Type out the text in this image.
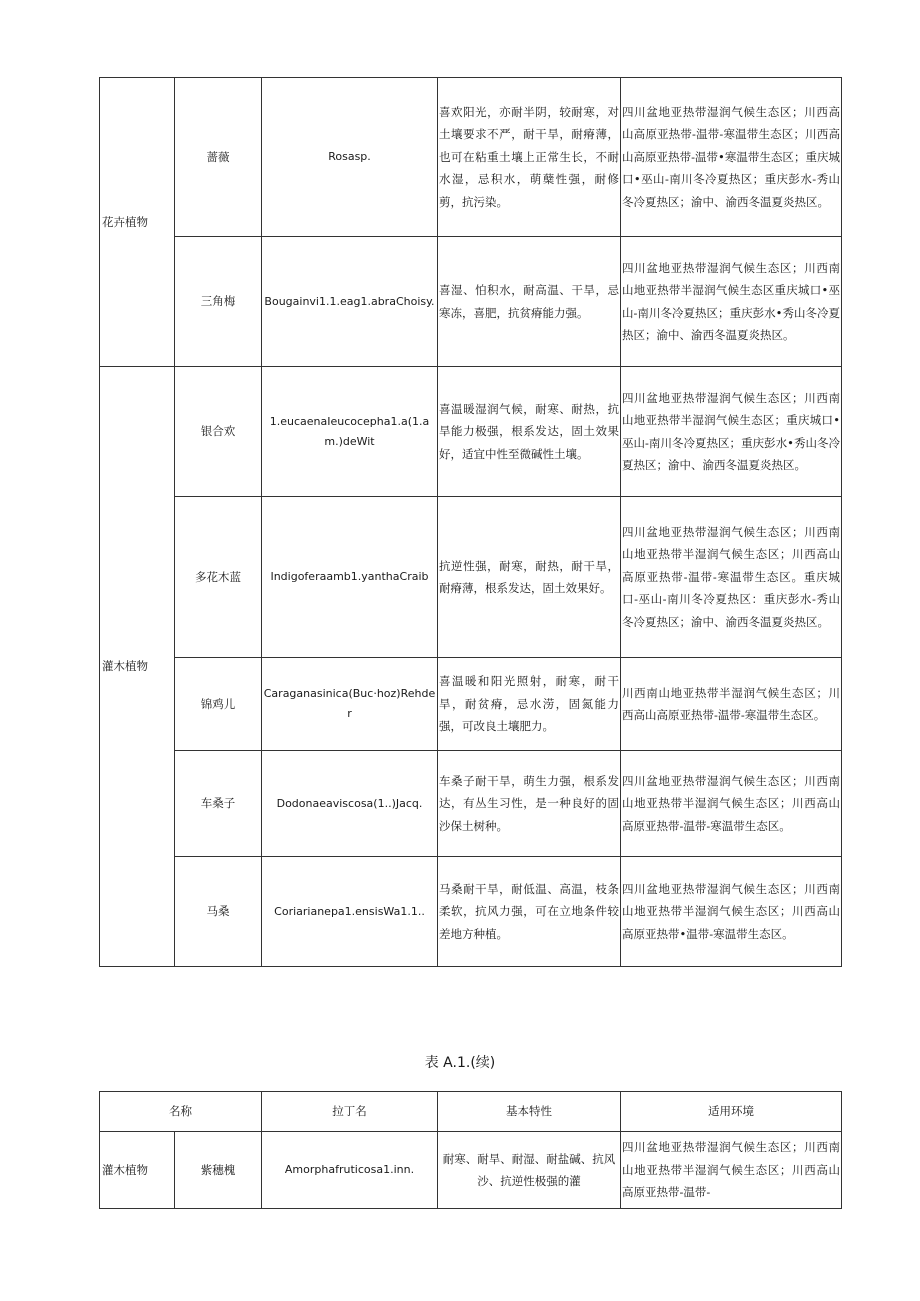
花卉植物	蔷薇	Rosasp.	喜欢阳光，亦耐半阴，较耐寒，对土壤要求不严，耐干旱，耐瘠薄，也可在粘重土壤上正常生长，不耐水湿，忌积水，萌蘖性强，耐修剪，抗污染。	四川盆地亚热带湿润气候生态区；川西高山高原亚热带-温带-寒温带生态区；川西高山高原亚热带-温带•寒温带生态区；重庆城口•巫山-南川冬冷夏热区；重庆彭水-秀山冬冷夏热区；渝中、渝西冬温夏炎热区。
	三角梅	Bougainvi1.1.eag1.abraChoisy.	喜湿、怕积水，耐高温、干旱，忌寒冻，喜肥，抗贫瘠能力强。	四川盆地亚热带湿润气候生态区；川西南山地亚热带半湿润气候生态区重庆城口•巫山-南川冬冷夏热区；重庆彭水•秀山冬冷夏热区；渝中、渝西冬温夏炎热区。
灌木植物	银合欢	1.eucaenaIeucocepha1.a(1.am.)deWit	喜温暖湿润气候，耐寒、耐热，抗旱能力极强，根系发达，固土效果好，适宜中性至微碱性土壤。	四川盆地亚热带湿润气候生态区；川西南山地亚热带半湿润气候生态区；重庆城口•巫山-南川冬冷夏热区；重庆彭水•秀山冬冷夏热区；渝中、渝西冬温夏炎热区。
	多花木蓝	Indigoferaamb1.yanthaCraib	抗逆性强，耐寒，耐热，耐干旱，耐瘠薄，根系发达，固土效果好。	四川盆地亚热带湿润气候生态区；川西南山地亚热带半湿润气候生态区；川西高山高原亚热带-温带-寒温带生态区。重庆城口-巫山-南川冬冷夏热区：重庆彭水-秀山冬冷夏热区；渝中、渝西冬温夏炎热区。
	锦鸡儿	Caraganasinica(Buc·hoz)Rehder	喜温暖和阳光照射，耐寒，耐干旱，耐贫瘠，忌水涝，固氮能力强，可改良土壤肥力。	川西南山地亚热带半湿润气候生态区；川西高山高原亚热带-温带-寒温带生态区。
	车桑子	Dodonaeaviscosa(1..)Jacq.	车桑子耐干旱，萌生力强，根系发达，有丛生习性，是一种良好的固沙保土树种。	四川盆地亚热带湿润气候生态区；川西南山地亚热带半湿润气候生态区；川西高山高原亚热带-温带-寒温带生态区。
	马桑	Coriarianepa1.ensisWa1.1..	马桑耐干旱，耐低温、高温，枝条柔软，抗风力强，可在立地条件较差地方种植。	四川盆地亚热带湿润气候生态区；川西南山地亚热带半湿润气候生态区；川西高山高原亚热带•温带-寒温带生态区。
表 A.1.(续)
名称		拉丁名	基本特性	适用环境
灌木植物	紫穗槐	Amorphafruticosa1.inn.	耐寒、耐旱、耐湿、耐盐碱、抗风沙、抗逆性极强的灌	四川盆地亚热带湿润气候生态区；川西南山地亚热带半湿润气候生态区；川西高山高原亚热带-温带-
